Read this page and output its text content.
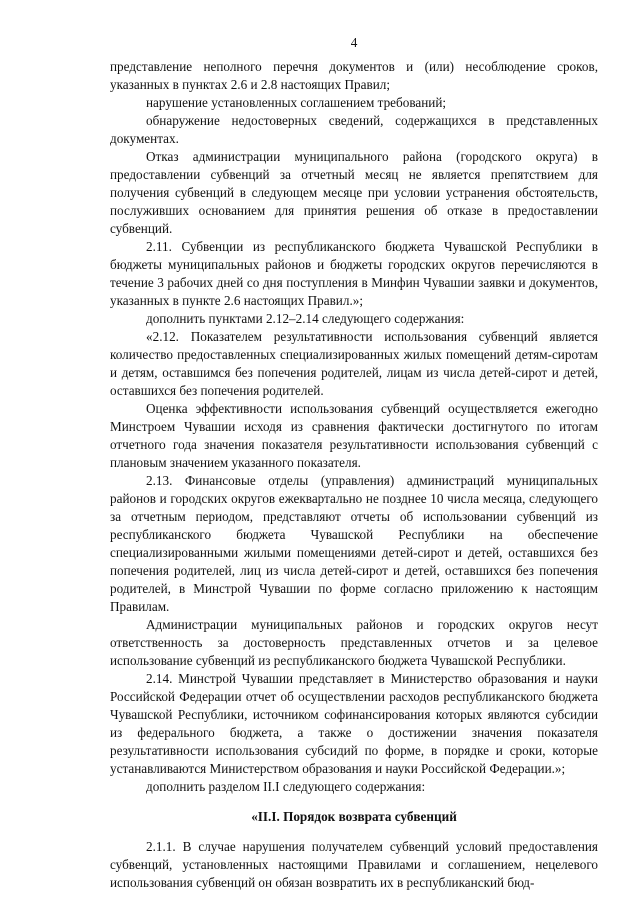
4

представление неполного перечня документов и (или) несоблюдение сроков, указанных в пунктах 2.6 и 2.8 настоящих Правил;

нарушение установленных соглашением требований;

обнаружение недостоверных сведений, содержащихся в представленных документах.

Отказ администрации муниципального района (городского округа) в предоставлении субвенций за отчетный месяц не является препятствием для получения субвенций в следующем месяце при условии устранения обстоятельств, послуживших основанием для принятия решения об отказе в предоставлении субвенций.

2.11. Субвенции из республиканского бюджета Чувашской Республики в бюджеты муниципальных районов и бюджеты городских округов перечисляются в течение 3 рабочих дней со дня поступления в Минфин Чувашии заявки и документов, указанных в пункте 2.6 настоящих Правил.»;

дополнить пунктами 2.12–2.14 следующего содержания:

«2.12. Показателем результативности использования субвенций является количество предоставленных специализированных жилых помещений детям-сиротам и детям, оставшимся без попечения родителей, лицам из числа детей-сирот и детей, оставшихся без попечения родителей.

Оценка эффективности использования субвенций осуществляется ежегодно Минстроем Чувашии исходя из сравнения фактически достигнутого по итогам отчетного года значения показателя результативности использования субвенций с плановым значением указанного показателя.

2.13. Финансовые отделы (управления) администраций муниципальных районов и городских округов ежеквартально не позднее 10 числа месяца, следующего за отчетным периодом, представляют отчеты об использовании субвенций из республиканского бюджета Чувашской Республики на обеспечение специализированными жилыми помещениями детей-сирот и детей, оставшихся без попечения родителей, лиц из числа детей-сирот и детей, оставшихся без попечения родителей, в Минстрой Чувашии по форме согласно приложению к настоящим Правилам.

Администрации муниципальных районов и городских округов несут ответственность за достоверность представленных отчетов и за целевое использование субвенций из республиканского бюджета Чувашской Республики.

2.14. Минстрой Чувашии представляет в Министерство образования и науки Российской Федерации отчет об осуществлении расходов республиканского бюджета Чувашской Республики, источником софинансирования которых являются субсидии из федерального бюджета, а также о достижении значения показателя результативности использования субсидий по форме, в порядке и сроки, которые устанавливаются Министерством образования и науки Российской Федерации.»;

дополнить разделом II.I следующего содержания:

«II.I. Порядок возврата субвенций

2.1.1. В случае нарушения получателем субвенций условий предоставления субвенций, установленных настоящими Правилами и соглашением, нецелевого использования субвенций он обязан возвратить их в республиканский бюд-
